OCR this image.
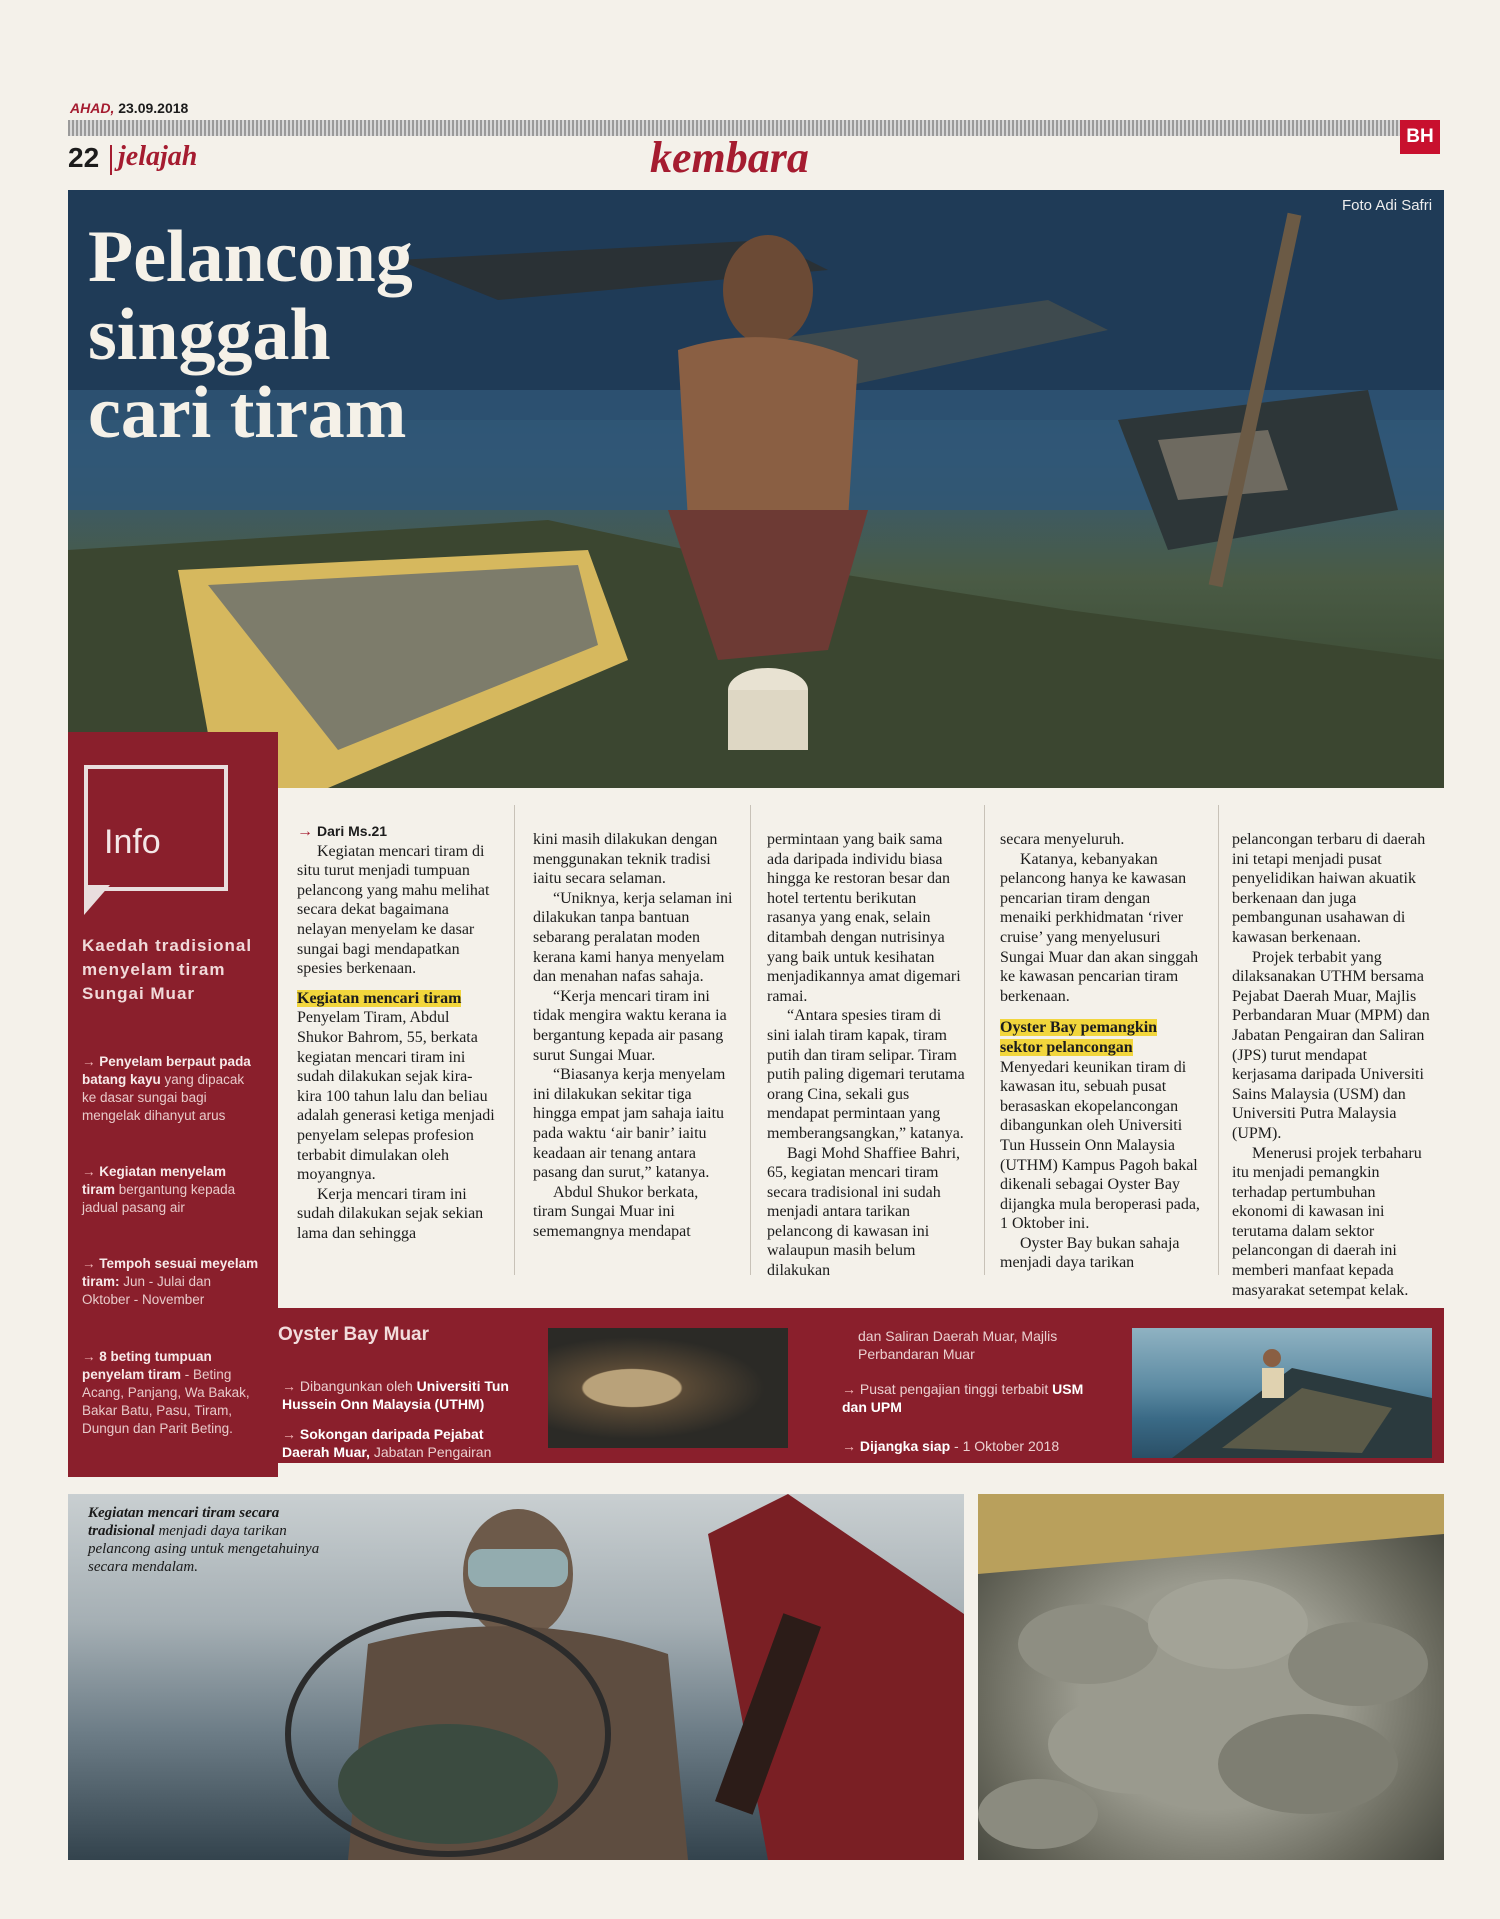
AHAD, 23.09.2018
22 jelajah	kembara	BH
Foto Adi Safri
Pelancong
singgah
cari tiram
Info
Kaedah tradisional menyelam tiram Sungai Muar
→ Penyelam berpaut pada batang kayu yang dipacak ke dasar sungai bagi mengelak dihanyut arus
→ Kegiatan menyelam tiram bergantung kepada jadual pasang air
→ Tempoh sesuai meyelam tiram: Jun - Julai dan Oktober - November
→ 8 beting tumpuan penyelam tiram - Beting Acang, Panjang, Wa Bakak, Bakar Batu, Pasu, Tiram, Dungun dan Parit Beting.

→ Dari Ms.21

Kegiatan mencari tiram di situ turut menjadi tumpuan pelancong yang mahu melihat secara dekat bagaimana nelayan menyelam ke dasar sungai bagi mendapatkan spesies berkenaan.

Kegiatan mencari tiram

Penyelam Tiram, Abdul Shukor Bahrom, 55, berkata kegiatan mencari tiram ini sudah dilakukan sejak kira-kira 100 tahun lalu dan beliau adalah generasi ketiga menjadi penyelam selepas profesion terbabit dimulakan oleh moyangnya.

Kerja mencari tiram ini sudah dilakukan sejak sekian lama dan sehingga

kini masih dilakukan dengan menggunakan teknik tradisi iaitu secara selaman.

“Uniknya, kerja selaman ini dilakukan tanpa bantuan sebarang peralatan moden kerana kami hanya menyelam dan menahan nafas sahaja.

“Kerja mencari tiram ini tidak mengira waktu kerana ia bergantung kepada air pasang surut Sungai Muar.

“Biasanya kerja menyelam ini dilakukan sekitar tiga hingga empat jam sahaja iaitu pada waktu ‘air banir’ iaitu keadaan air tenang antara pasang dan surut,” katanya.

Abdul Shukor berkata, tiram Sungai Muar ini sememangnya mendapat

permintaan yang baik sama ada daripada individu biasa hingga ke restoran besar dan hotel tertentu berikutan rasanya yang enak, selain ditambah dengan nutrisinya yang baik untuk kesihatan menjadikannya amat digemari ramai.

“Antara spesies tiram di sini ialah tiram kapak, tiram putih dan tiram selipar. Tiram putih paling digemari terutama orang Cina, sekali gus mendapat permintaan yang memberangsangkan,” katanya.

Bagi Mohd Shaffiee Bahri, 65, kegiatan mencari tiram secara tradisional ini sudah menjadi antara tarikan pelancong di kawasan ini walaupun masih belum dilakukan

secara menyeluruh.

Katanya, kebanyakan pelancong hanya ke kawasan pencarian tiram dengan menaiki perkhidmatan ‘river cruise’ yang menyelusuri Sungai Muar dan akan singgah ke kawasan pencarian tiram berkenaan.

Oyster Bay pemangkin sektor pelancongan

Menyedari keunikan tiram di kawasan itu, sebuah pusat berasaskan ekopelancongan dibangunkan oleh Universiti Tun Hussein Onn Malaysia (UTHM) Kampus Pagoh bakal dikenali sebagai Oyster Bay dijangka mula beroperasi pada, 1 Oktober ini.

Oyster Bay bukan sahaja menjadi daya tarikan

pelancongan terbaru di daerah ini tetapi menjadi pusat penyelidikan haiwan akuatik berkenaan dan juga pembangunan usahawan di kawasan berkenaan.

Projek terbabit yang dilaksanakan UTHM bersama Pejabat Daerah Muar, Majlis Perbandaran Muar (MPM) dan Jabatan Pengairan dan Saliran (JPS) turut mendapat kerjasama daripada Universiti Sains Malaysia (USM) dan Universiti Putra Malaysia (UPM).

Menerusi projek terbaharu itu menjadi pemangkin terhadap pertumbuhan ekonomi di kawasan ini terutama dalam sektor pelancongan di daerah ini memberi manfaat kepada masyarakat setempat kelak.

Oyster Bay Muar
→ Dibangunkan oleh Universiti Tun Hussein Onn Malaysia (UTHM)
→ Sokongan daripada Pejabat Daerah Muar, Jabatan Pengairan
dan Saliran Daerah Muar, Majlis Perbandaran Muar
→ Pusat pengajian tinggi terbabit USM dan UPM
→ Dijangka siap - 1 Oktober 2018
Kegiatan mencari tiram secara tradisional menjadi daya tarikan pelancong asing untuk mengetahuinya secara mendalam.
